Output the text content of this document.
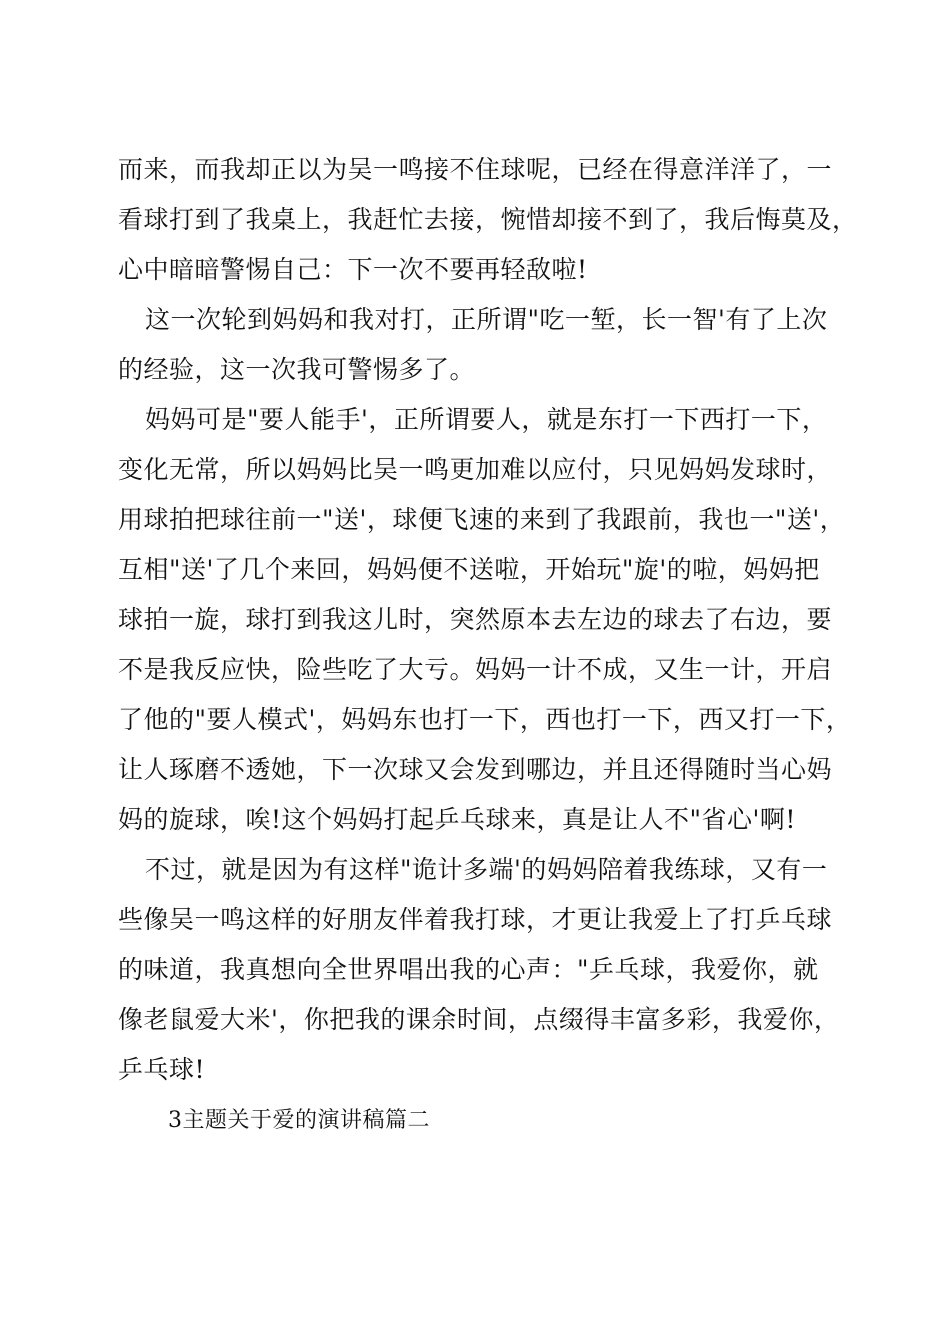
而来，而我却正以为吴一鸣接不住球呢，已经在得意洋洋了，一
看球打到了我桌上，我赶忙去接，惋惜却接不到了，我后悔莫及，
心中暗暗警惕自己：下一次不要再轻敌啦!
这一次轮到妈妈和我对打，正所谓"吃一堑，长一智'有了上次
的经验，这一次我可警惕多了。
妈妈可是"要人能手'，正所谓要人，就是东打一下西打一下，
变化无常，所以妈妈比吴一鸣更加难以应付，只见妈妈发球时，
用球拍把球往前一"送'，球便飞速的来到了我跟前，我也一"送'，
互相"送'了几个来回，妈妈便不送啦，开始玩"旋'的啦，妈妈把
球拍一旋，球打到我这儿时，突然原本去左边的球去了右边，要
不是我反应快，险些吃了大亏。妈妈一计不成，又生一计，开启
了他的"要人模式'，妈妈东也打一下，西也打一下，西又打一下，
让人琢磨不透她，下一次球又会发到哪边，并且还得随时当心妈
妈的旋球，唉!这个妈妈打起乒乓球来，真是让人不"省心'啊!
不过，就是因为有这样"诡计多端'的妈妈陪着我练球，又有一
些像吴一鸣这样的好朋友伴着我打球，才更让我爱上了打乒乓球
的味道，我真想向全世界唱出我的心声："乒乓球，我爱你，就
像老鼠爱大米'，你把我的课余时间，点缀得丰富多彩，我爱你，
乒乓球!
3主题关于爱的演讲稿篇二
